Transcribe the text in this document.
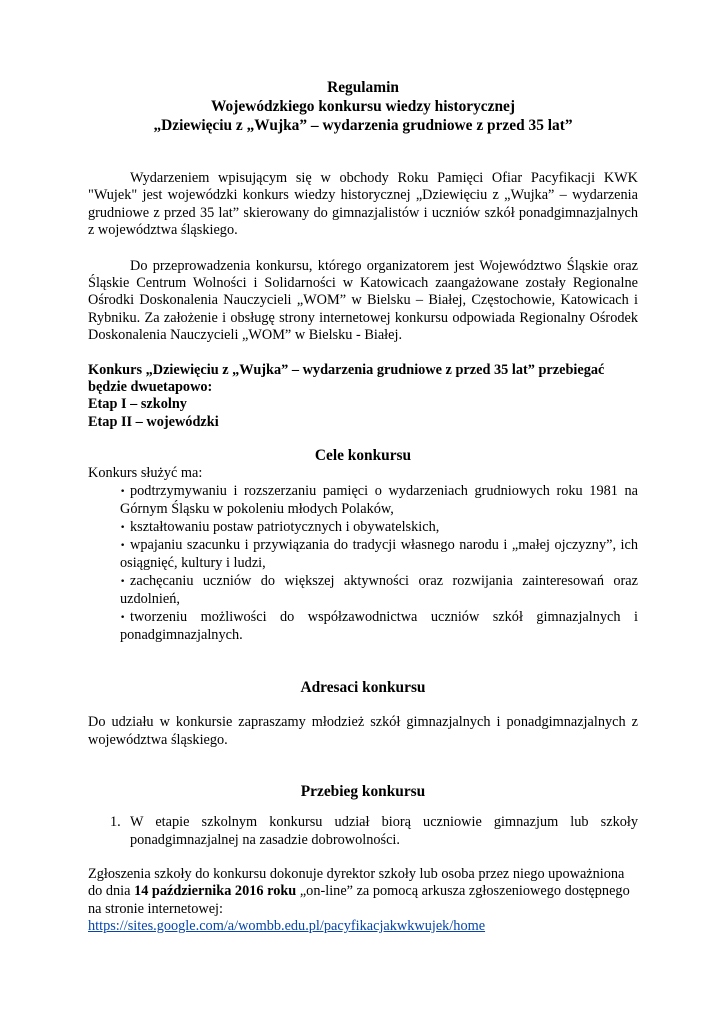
Regulamin
Wojewódzkiego konkursu wiedzy historycznej
„Dziewięciu z „Wujka” – wydarzenia grudniowe z przed 35 lat”

Wydarzeniem wpisującym się w obchody Roku Pamięci Ofiar Pacyfikacji KWK "Wujek" jest wojewódzki konkurs wiedzy historycznej „Dziewięciu z „Wujka” – wydarzenia grudniowe z przed 35 lat” skierowany do gimnazjalistów i uczniów szkół ponadgimnazjalnych z województwa śląskiego.

Do przeprowadzenia konkursu, którego organizatorem jest Województwo Śląskie oraz Śląskie Centrum Wolności i Solidarności w Katowicach zaangażowane zostały Regionalne Ośrodki Doskonalenia Nauczycieli „WOM” w Bielsku – Białej, Częstochowie, Katowicach i Rybniku. Za założenie i obsługę strony internetowej konkursu odpowiada Regionalny Ośrodek Doskonalenia Nauczycieli „WOM” w Bielsku - Białej.

Konkurs „Dziewięciu z „Wujka” – wydarzenia grudniowe z przed 35 lat” przebiegać będzie dwuetapowo:

Etap I – szkolny

Etap II – wojewódzki

Cele konkursu

Konkurs służyć ma:

• podtrzymywaniu i rozszerzaniu pamięci o wydarzeniach grudniowych roku 1981 na Górnym Śląsku w pokoleniu młodych Polaków,
• kształtowaniu postaw patriotycznych i obywatelskich,
• wpajaniu szacunku i przywiązania do tradycji własnego narodu i „małej ojczyzny”, ich osiągnięć, kultury i ludzi,
• zachęcaniu uczniów do większej aktywności oraz rozwijania zainteresowań oraz uzdolnień,
• tworzeniu możliwości do współzawodnictwa uczniów szkół gimnazjalnych i ponadgimnazjalnych.
Adresaci konkursu

Do udziału w konkursie zapraszamy młodzież szkół gimnazjalnych i ponadgimnazjalnych z województwa śląskiego.

Przebieg konkursu
1. W etapie szkolnym konkursu udział biorą uczniowie gimnazjum lub szkoły ponadgimnazjalnej na zasadzie dobrowolności.

Zgłoszenia szkoły do konkursu dokonuje dyrektor szkoły lub osoba przez niego upoważniona do dnia 14 października 2016 roku „on-line” za pomocą arkusza zgłoszeniowego dostępnego na stronie internetowej:
https://sites.google.com/a/wombb.edu.pl/pacyfikacjakwkwujek/home
